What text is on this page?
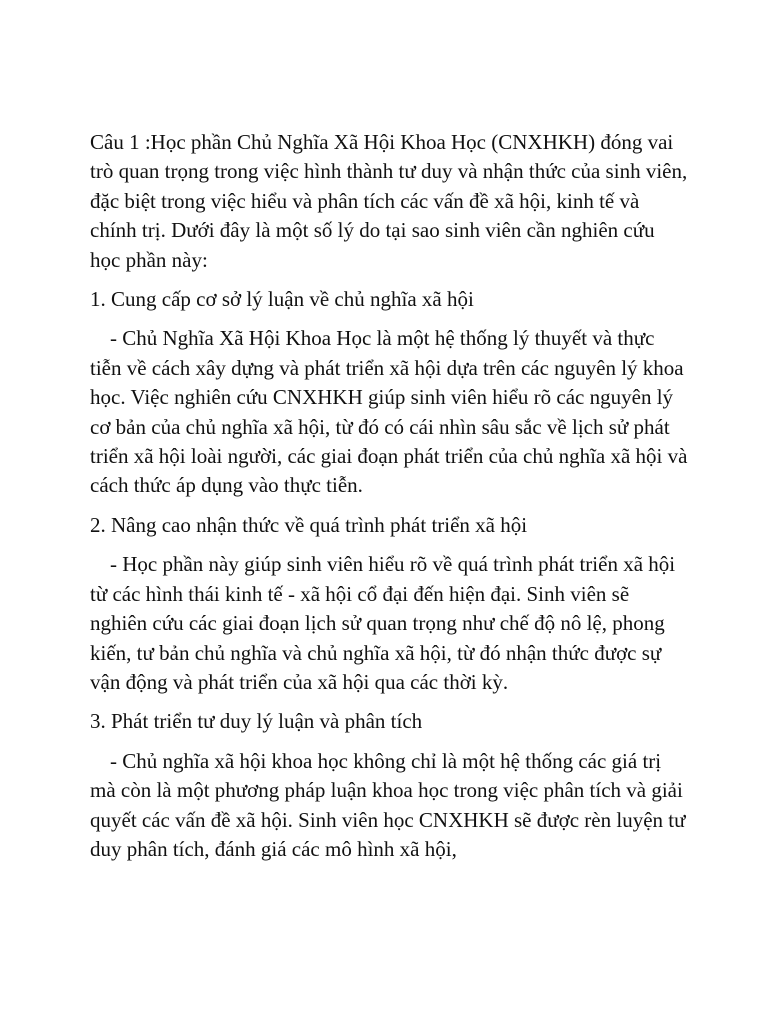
Câu 1 :Học phần Chủ Nghĩa Xã Hội Khoa Học (CNXHKH) đóng vai trò quan trọng trong việc hình thành tư duy và nhận thức của sinh viên, đặc biệt trong việc hiểu và phân tích các vấn đề xã hội, kinh tế và chính trị. Dưới đây là một số lý do tại sao sinh viên cần nghiên cứu học phần này:

1. Cung cấp cơ sở lý luận về chủ nghĩa xã hội

- Chủ Nghĩa Xã Hội Khoa Học là một hệ thống lý thuyết và thực tiễn về cách xây dựng và phát triển xã hội dựa trên các nguyên lý khoa học. Việc nghiên cứu CNXHKH giúp sinh viên hiểu rõ các nguyên lý cơ bản của chủ nghĩa xã hội, từ đó có cái nhìn sâu sắc về lịch sử phát triển xã hội loài người, các giai đoạn phát triển của chủ nghĩa xã hội và cách thức áp dụng vào thực tiễn.

2. Nâng cao nhận thức về quá trình phát triển xã hội

- Học phần này giúp sinh viên hiểu rõ về quá trình phát triển xã hội từ các hình thái kinh tế - xã hội cổ đại đến hiện đại. Sinh viên sẽ nghiên cứu các giai đoạn lịch sử quan trọng như chế độ nô lệ, phong kiến, tư bản chủ nghĩa và chủ nghĩa xã hội, từ đó nhận thức được sự vận động và phát triển của xã hội qua các thời kỳ.

3. Phát triển tư duy lý luận và phân tích

- Chủ nghĩa xã hội khoa học không chỉ là một hệ thống các giá trị mà còn là một phương pháp luận khoa học trong việc phân tích và giải quyết các vấn đề xã hội. Sinh viên học CNXHKH sẽ được rèn luyện tư duy phân tích, đánh giá các mô hình xã hội,
